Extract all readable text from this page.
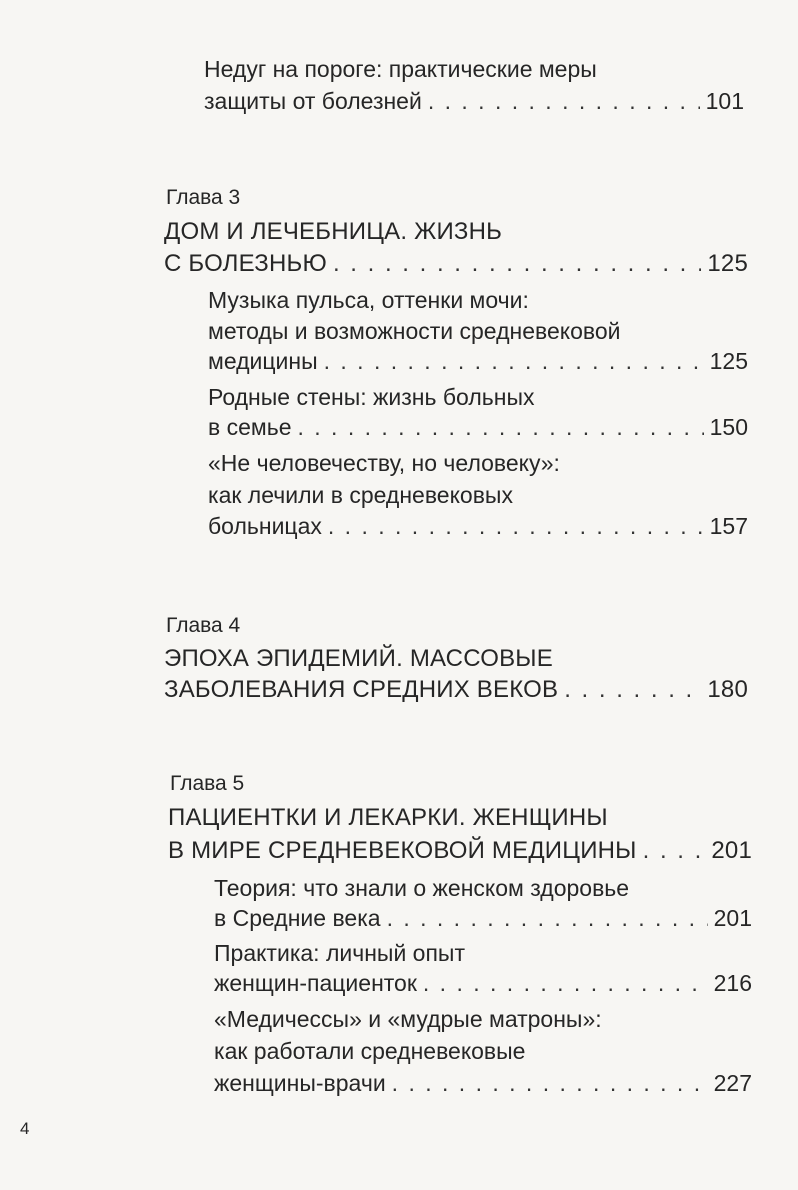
Недуг на пороге: практические меры
защиты от болезней . . .	101
Глава 3
ДОМ И ЛЕЧЕБНИЦА. ЖИЗНЬ
С БОЛЕЗНЬЮ . . .	125
Музыка пульса, оттенки мочи:
методы и возможности средневековой
медицины . . .	125
Родные стены: жизнь больных
в семье . . .	150
«Не человечеству, но человеку»:
как лечили в средневековых
больницах . . .	157
Глава 4
ЭПОХА ЭПИДЕМИЙ. МАССОВЫЕ
ЗАБОЛЕВАНИЯ СРЕДНИХ ВЕКОВ . . .	180
Глава 5
ПАЦИЕНТКИ И ЛЕКАРКИ. ЖЕНЩИНЫ
В МИРЕ СРЕДНЕВЕКОВОЙ МЕДИЦИНЫ . . .	201
Теория: что знали о женском здоровье
в Средние века . . .	201
Практика: личный опыт
женщин-пациенток . . .	216
«Медичессы» и «мудрые матроны»:
как работали средневековые
женщины-врачи . . .	227
4
